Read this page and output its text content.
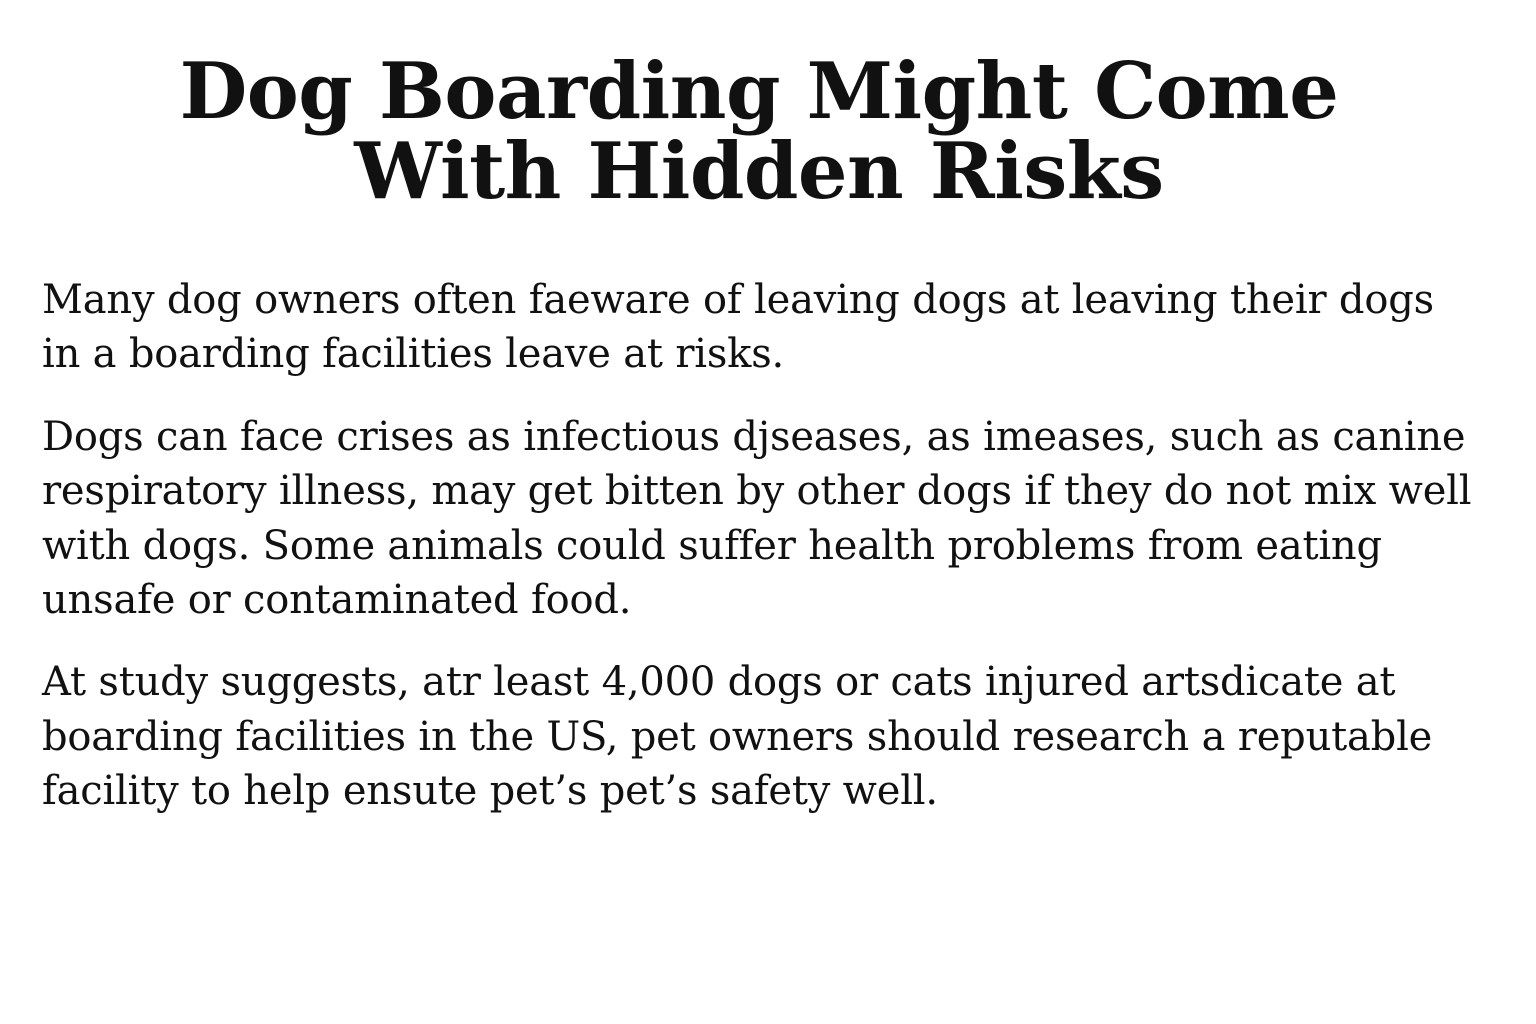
Dog Boarding Might Come
With Hidden Risks

Many dog owners often faeware of leaving dogs at leaving their dogs in a boarding facilities leave at risks.

Dogs can face crises as infectious djseases, as imeases, such as canine respiratory illness, may get bitten by other dogs if they do not mix well with dogs. Some animals could suffer health problems from eating unsafe or contaminated food.

At study suggests, atr least 4,000 dogs or cats injured artsdicate at boarding facilities in the US, pet owners should research a reputable facility to help ensute pet’s pet’s safety well.
